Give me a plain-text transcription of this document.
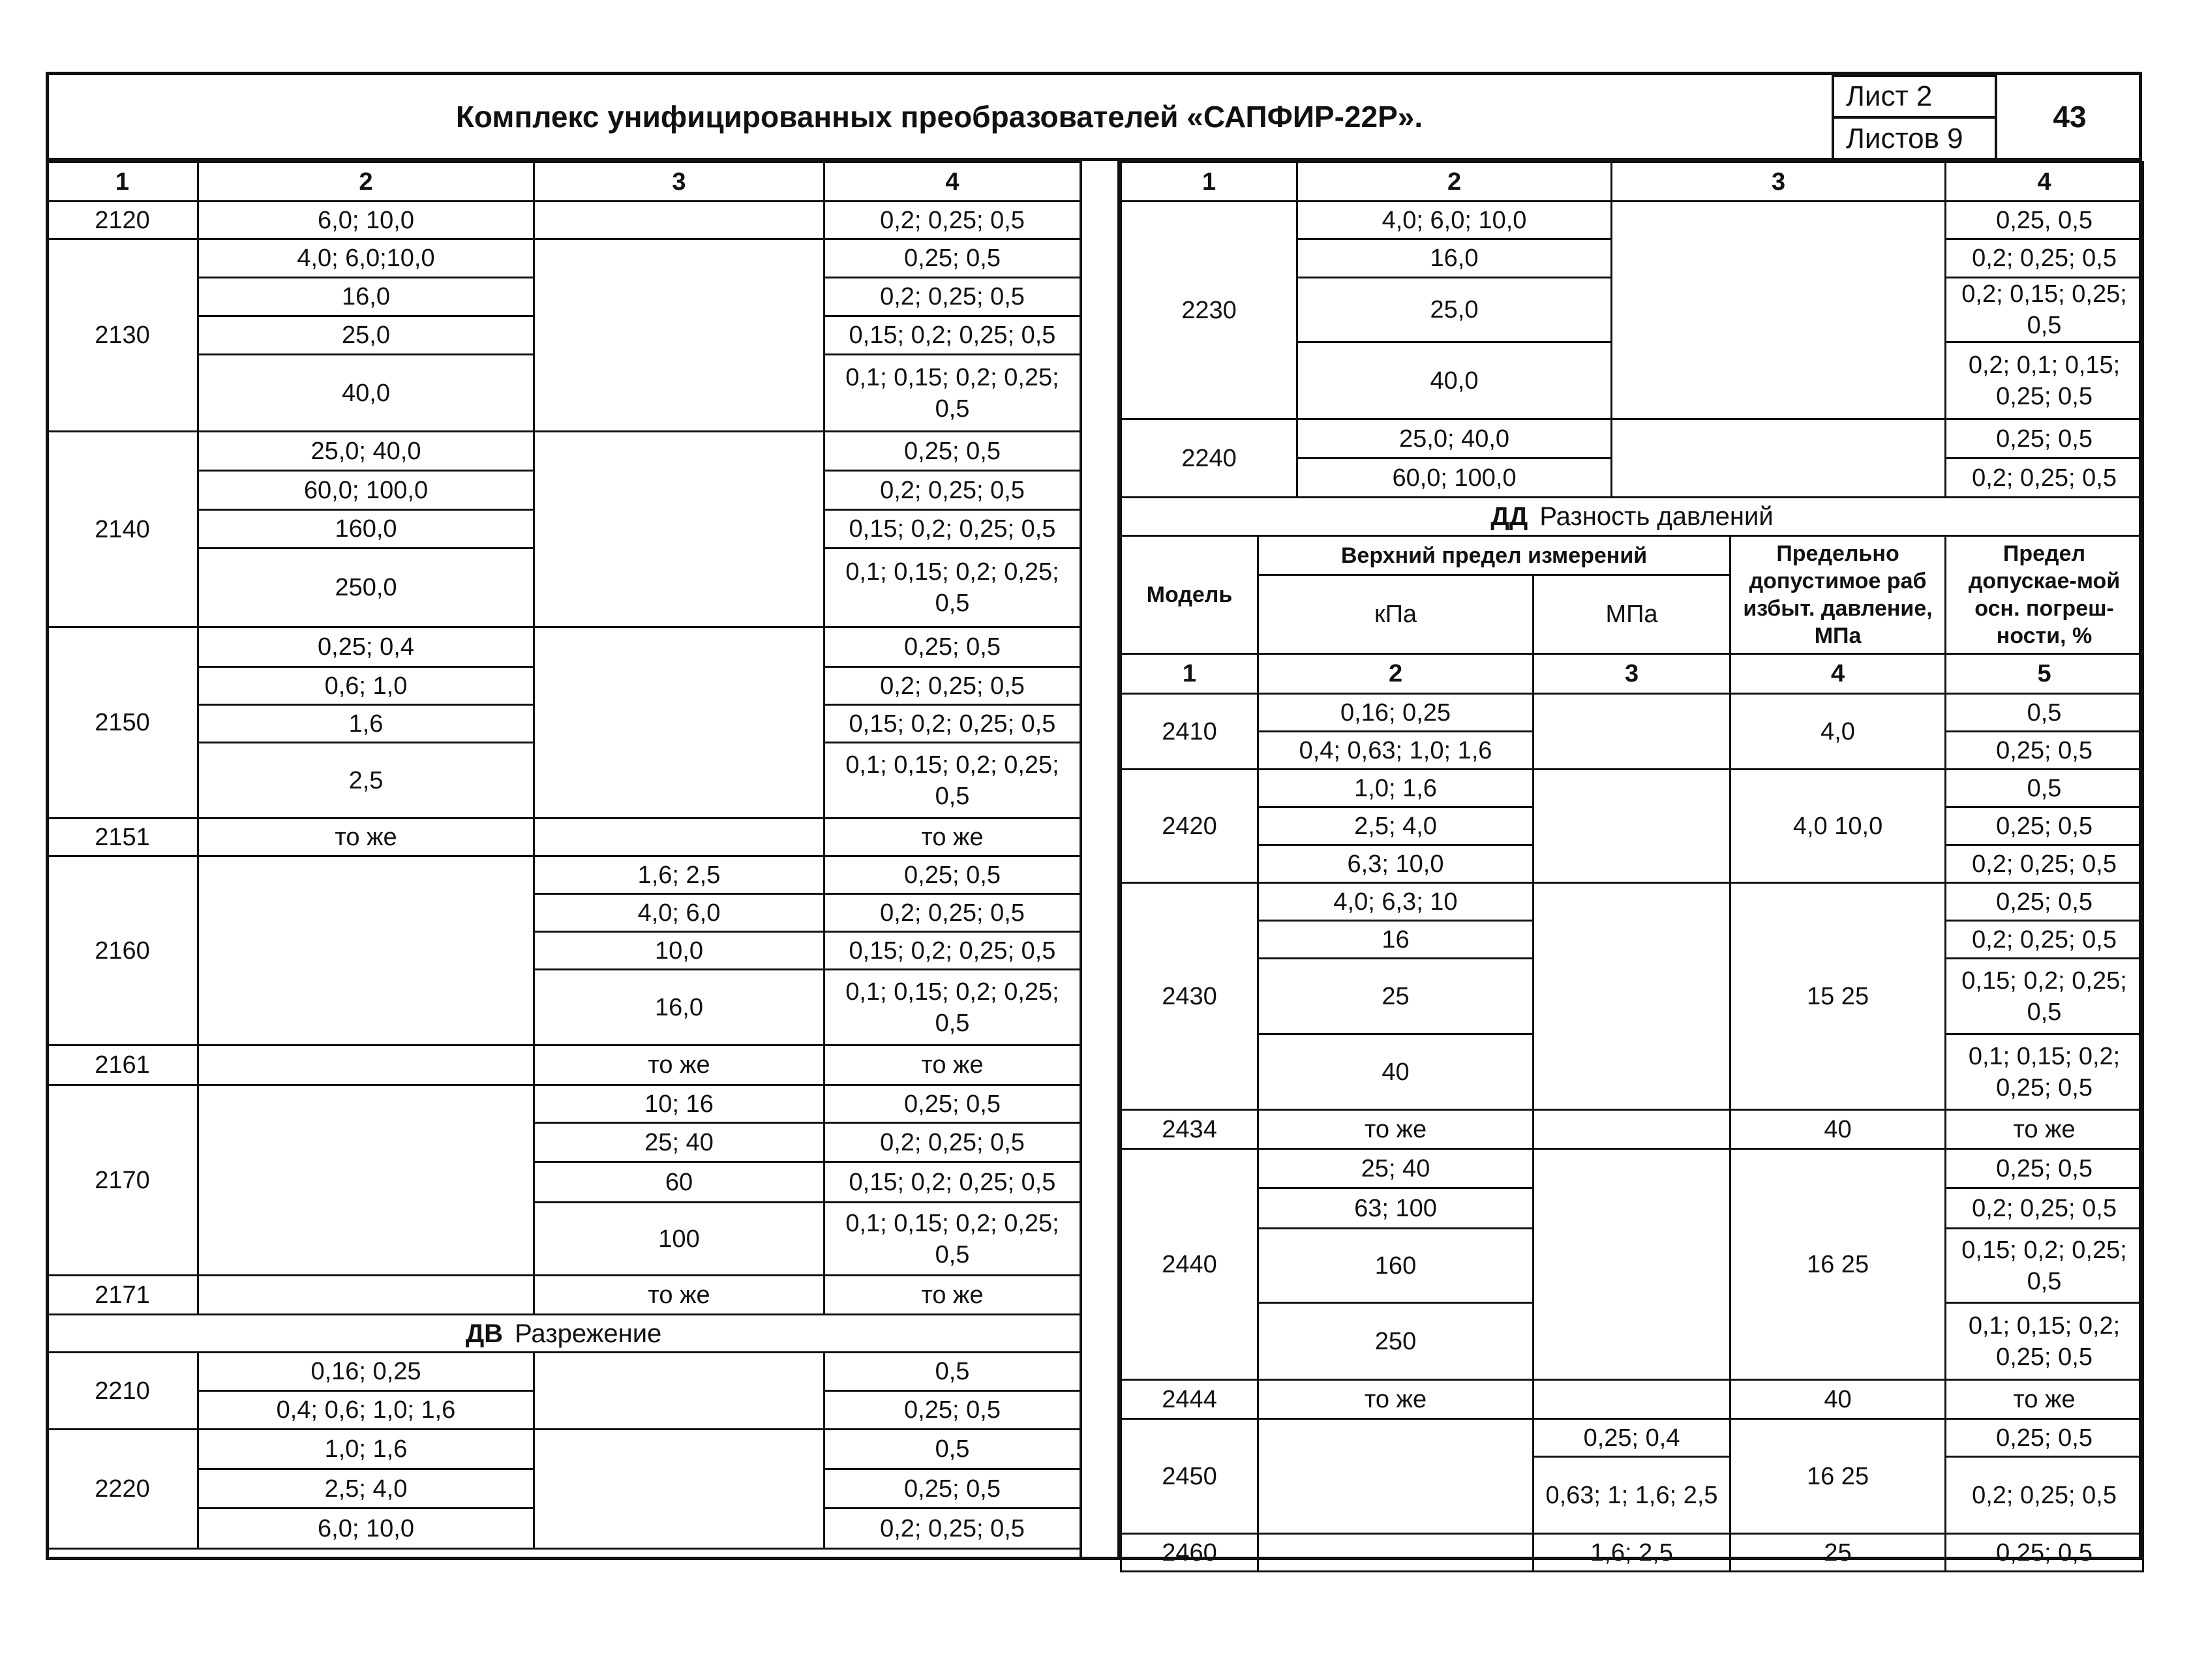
Комплекс унифицированных преобразователей «САПФИР-22Р».
Лист 2
Листов 9
43
1	2	3	4
2120	6,0; 10,0		0,2; 0,25; 0,5
2130	4,0; 6,0;10,0		0,25; 0,5
	16,0		0,2; 0,25; 0,5
	25,0		0,15; 0,2; 0,25; 0,5
	40,0		0,1; 0,15; 0,2; 0,25; 0,5
2140	25,0; 40,0		0,25; 0,5
	60,0; 100,0		0,2; 0,25; 0,5
	160,0		0,15; 0,2; 0,25; 0,5
	250,0		0,1; 0,15; 0,2; 0,25; 0,5
2150	0,25; 0,4		0,25; 0,5
	0,6; 1,0		0,2; 0,25; 0,5
	1,6		0,15; 0,2; 0,25; 0,5
	2,5		0,1; 0,15; 0,2; 0,25; 0,5
2151	то же		то же
2160		1,6; 2,5	0,25; 0,5
		4,0; 6,0	0,2; 0,25; 0,5
		10,0	0,15; 0,2; 0,25; 0,5
		16,0	0,1; 0,15; 0,2; 0,25; 0,5
2161		то же	то же
2170		10; 16	0,25; 0,5
		25; 40	0,2; 0,25; 0,5
		60	0,15; 0,2; 0,25; 0,5
		100	0,1; 0,15; 0,2; 0,25; 0,5
2171		то же	то же
ДВ Разрежение			
2210	0,16; 0,25		0,5
	0,4; 0,6; 1,0; 1,6		0,25; 0,5
2220	1,0; 1,6		0,5
	2,5; 4,0		0,25; 0,5
	6,0; 10,0		0,2; 0,25; 0,5
1		2		3		4
2230		4,0; 6,0; 10,0				0,25, 0,5
		16,0				0,2; 0,25; 0,5
		25,0				0,2; 0,15; 0,25; 0,5
		40,0				0,2; 0,1; 0,15; 0,25; 0,5
2240		25,0; 40,0				0,25; 0,5
		60,0; 100,0				0,2; 0,25; 0,5
ДД Разность давлений						
Модель	Верхний предел измерений				Предельно допустимое раб избыт. давление, МПа	Предел допускае-мой осн. погреш-ности, %
	кПа		МПа			
1	2		3		4	5
2410	0,16; 0,25				4,0	0,5
	0,4; 0,63; 1,0; 1,6					0,25; 0,5
2420	1,0; 1,6				4,0 10,0	0,5
	2,5; 4,0					0,25; 0,5
	6,3; 10,0					0,2; 0,25; 0,5
2430	4,0; 6,3; 10				15 25	0,25; 0,5
	16					0,2; 0,25; 0,5
	25					0,15; 0,2; 0,25; 0,5
	40					0,1; 0,15; 0,2; 0,25; 0,5
2434	то же				40	то же
2440	25; 40				16 25	0,25; 0,5
	63; 100					0,2; 0,25; 0,5
	160					0,15; 0,2; 0,25; 0,5
	250					0,1; 0,15; 0,2; 0,25; 0,5
2444	то же				40	то же
2450			0,25; 0,4		16 25	0,25; 0,5
			0,63; 1; 1,6; 2,5			0,2; 0,25; 0,5
2460			1,6; 2,5		25	0,25; 0,5
